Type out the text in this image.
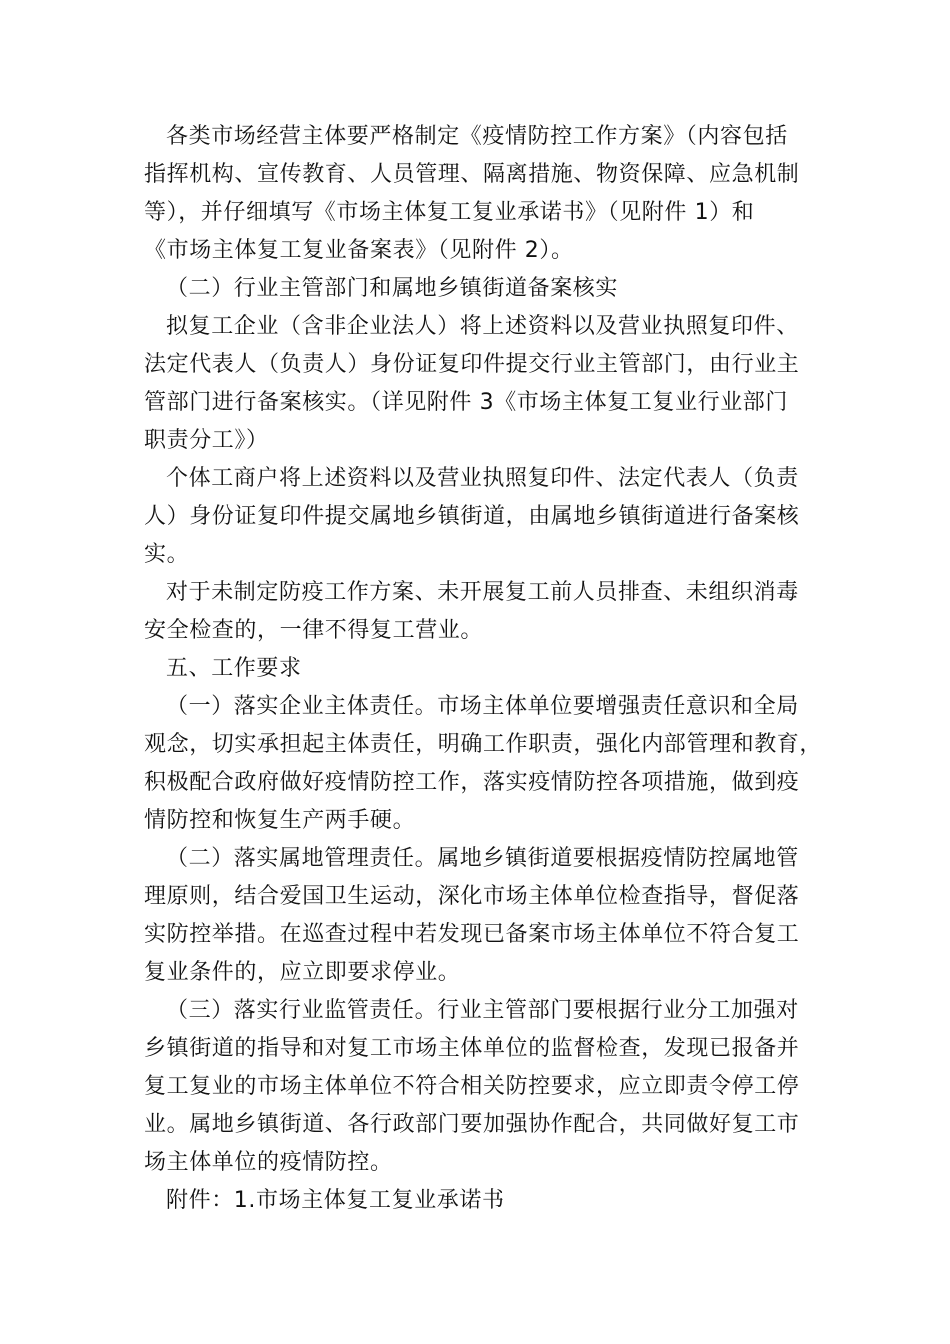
各类市场经营主体要严格制定《疫情防控工作方案》（内容包括
指挥机构、宣传教育、人员管理、隔离措施、物资保障、应急机制
等），并仔细填写《市场主体复工复业承诺书》（见附件 1）和
《市场主体复工复业备案表》（见附件 2）。
（二）行业主管部门和属地乡镇街道备案核实
拟复工企业（含非企业法人）将上述资料以及营业执照复印件、
法定代表人（负责人）身份证复印件提交行业主管部门，由行业主
管部门进行备案核实。（详见附件 3《市场主体复工复业行业部门
职责分工》）
个体工商户将上述资料以及营业执照复印件、法定代表人（负责
人）身份证复印件提交属地乡镇街道，由属地乡镇街道进行备案核
实。
对于未制定防疫工作方案、未开展复工前人员排查、未组织消毒
安全检查的，一律不得复工营业。
五、工作要求
（一）落实企业主体责任。市场主体单位要增强责任意识和全局
观念，切实承担起主体责任，明确工作职责，强化内部管理和教育，
积极配合政府做好疫情防控工作，落实疫情防控各项措施，做到疫
情防控和恢复生产两手硬。
（二）落实属地管理责任。属地乡镇街道要根据疫情防控属地管
理原则，结合爱国卫生运动，深化市场主体单位检查指导，督促落
实防控举措。在巡查过程中若发现已备案市场主体单位不符合复工
复业条件的，应立即要求停业。
（三）落实行业监管责任。行业主管部门要根据行业分工加强对
乡镇街道的指导和对复工市场主体单位的监督检查，发现已报备并
复工复业的市场主体单位不符合相关防控要求，应立即责令停工停
业。属地乡镇街道、各行政部门要加强协作配合，共同做好复工市
场主体单位的疫情防控。
附件：1.市场主体复工复业承诺书
